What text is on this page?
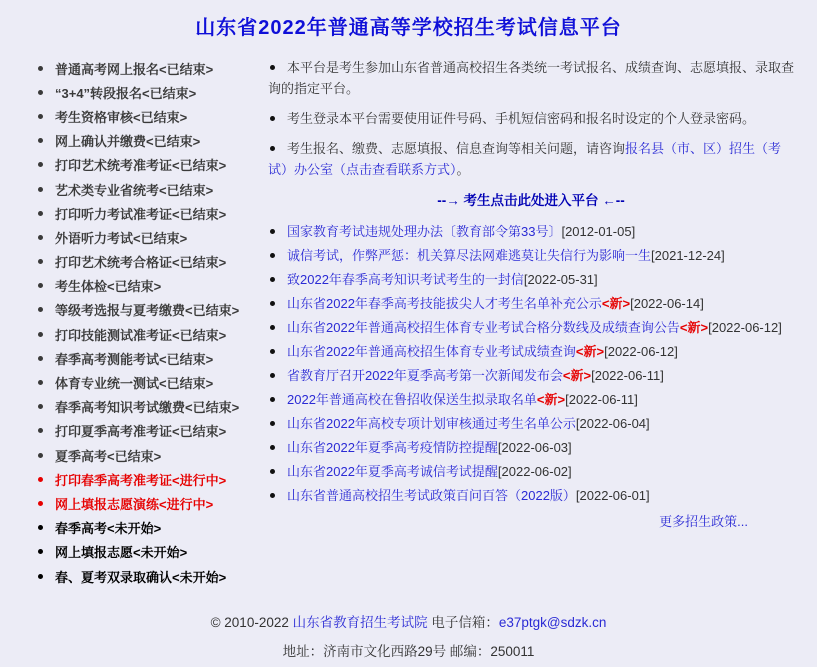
山东省2022年普通高等学校招生考试信息平台
普通高考网上报名<已结束>
“3+4”转段报名<已结束>
考生资格审核<已结束>
网上确认并缴费<已结束>
打印艺术统考准考证<已结束>
艺术类专业省统考<已结束>
打印听力考试准考证<已结束>
外语听力考试<已结束>
打印艺术统考合格证<已结束>
考生体检<已结束>
等级考选报与夏考缴费<已结束>
打印技能测试准考证<已结束>
春季高考测能考试<已结束>
体育专业统一测试<已结束>
春季高考知识考试缴费<已结束>
打印夏季高考准考证<已结束>
夏季高考<已结束>
打印春季高考准考证<进行中>
网上填报志愿演练<进行中>
春季高考<未开始>
网上填报志愿<未开始>
春、夏考双录取确认<未开始>

本平台是考生参加山东省普通高校招生各类统一考试报名、成绩查询、志愿填报、录取查询的指定平台。

考生登录本平台需要使用证件号码、手机短信密码和报名时设定的个人登录密码。

考生报名、缴费、志愿填报、信息查询等相关问题，请咨询报名县（市、区）招生（考试）办公室（点击查看联系方式）。

--→ 考生点击此处进入平台 ←--
国家教育考试违规处理办法〔教育部令第33号〕[2012-01-05]
诚信考试，作弊严惩：机关算尽法网难逃莫让失信行为影响一生[2021-12-24]
致2022年春季高考知识考试考生的一封信[2022-05-31]
山东省2022年春季高考技能拔尖人才考生名单补充公示<新>[2022-06-14]
山东省2022年普通高校招生体育专业考试合格分数线及成绩查询公告<新>[2022-06-12]
山东省2022年普通高校招生体育专业考试成绩查询<新>[2022-06-12]
省教育厅召开2022年夏季高考第一次新闻发布会<新>[2022-06-11]
2022年普通高校在鲁招收保送生拟录取名单<新>[2022-06-11]
山东省2022年高校专项计划审核通过考生名单公示[2022-06-04]
山东省2022年夏季高考疫情防控提醒[2022-06-03]
山东省2022年夏季高考诚信考试提醒[2022-06-02]
山东省普通高校招生考试政策百问百答（2022版）[2022-06-01]
更多招生政策...
© 2010-2022 山东省教育招生考试院 电子信箱：e37ptgk@sdzk.cn
地址：济南市文化西路29号 邮编：250011
